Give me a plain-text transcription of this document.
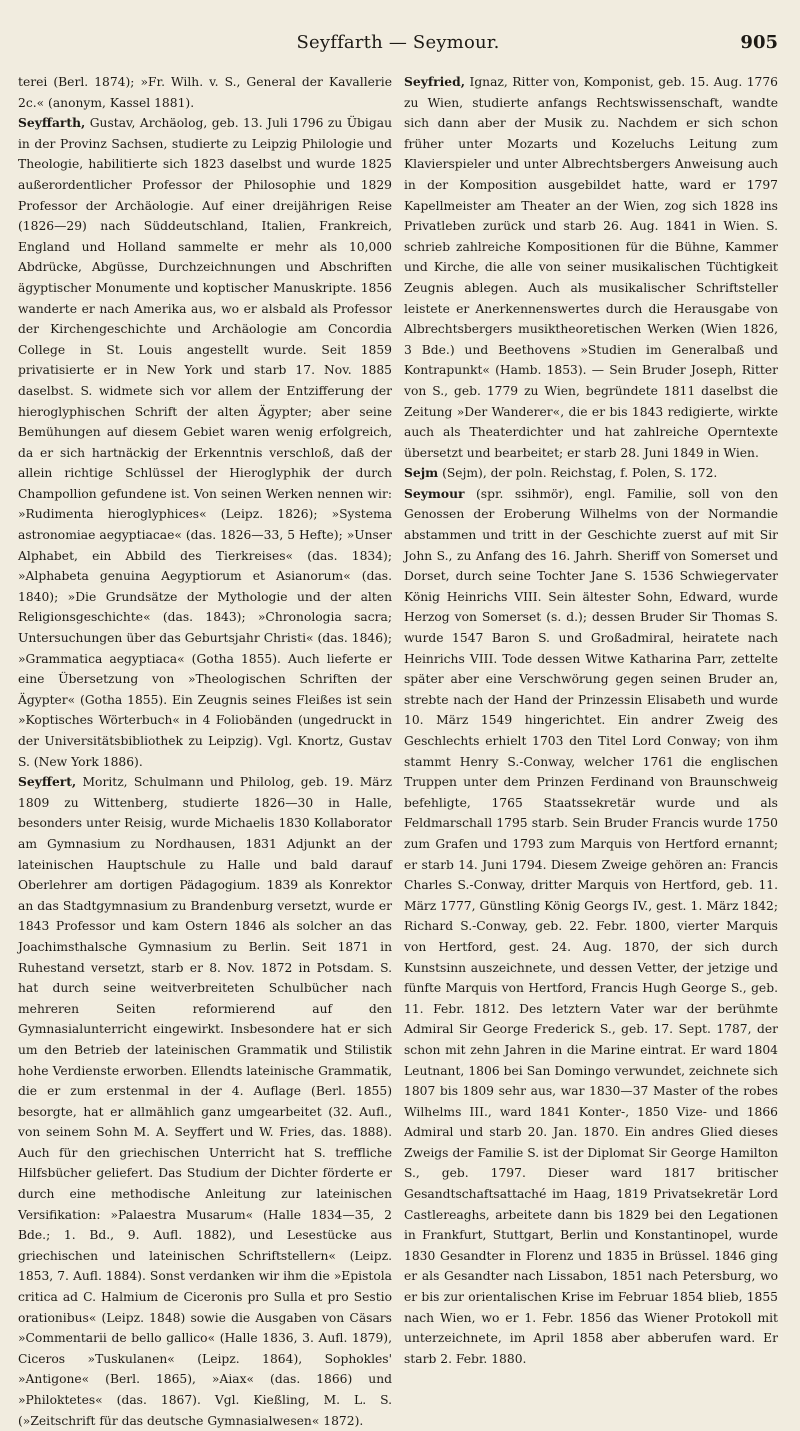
Seyffarth — Seymour.	905

terei (Berl. 1874); »Fr. Wilh. v. S., General der Kavallerie 2c.« (anonym, Kassel 1881).

Seyffarth, Gustav, Archäolog, geb. 13. Juli 1796 zu Übigau in der Provinz Sachsen, studierte zu Leipzig Philologie und Theologie, habilitierte sich 1823 daselbst und wurde 1825 außerordentlicher Professor der Philosophie und 1829 Professor der Archäologie. Auf einer dreijährigen Reise (1826—29) nach Süddeutschland, Italien, Frankreich, England und Holland sammelte er mehr als 10,000 Abdrücke, Abgüsse, Durchzeichnungen und Abschriften ägyptischer Monumente und koptischer Manuskripte. 1856 wanderte er nach Amerika aus, wo er alsbald als Professor der Kirchengeschichte und Archäologie am Concordia College in St. Louis angestellt wurde. Seit 1859 privatisierte er in New York und starb 17. Nov. 1885 daselbst. S. widmete sich vor allem der Entzifferung der hieroglyphischen Schrift der alten Ägypter; aber seine Bemühungen auf diesem Gebiet waren wenig erfolgreich, da er sich hartnäckig der Erkenntnis verschloß, daß der allein richtige Schlüssel der Hieroglyphik der durch Champollion gefundene ist. Von seinen Werken nennen wir: »Rudimenta hieroglyphices« (Leipz. 1826); »Systema astronomiae aegyptiacae« (das. 1826—33, 5 Hefte); »Unser Alphabet, ein Abbild des Tierkreises« (das. 1834); »Alphabeta genuina Aegyptiorum et Asianorum« (das. 1840); »Die Grundsätze der Mythologie und der alten Religionsgeschichte« (das. 1843); »Chronologia sacra; Untersuchungen über das Geburtsjahr Christi« (das. 1846); »Grammatica aegyptiaca« (Gotha 1855). Auch lieferte er eine Übersetzung von »Theologischen Schriften der Ägypter« (Gotha 1855). Ein Zeugnis seines Fleißes ist sein »Koptisches Wörterbuch« in 4 Foliobänden (ungedruckt in der Universitätsbibliothek zu Leipzig). Vgl. Knortz, Gustav S. (New York 1886).

Seyffert, Moritz, Schulmann und Philolog, geb. 19. März 1809 zu Wittenberg, studierte 1826—30 in Halle, besonders unter Reisig, wurde Michaelis 1830 Kollaborator am Gymnasium zu Nordhausen, 1831 Adjunkt an der lateinischen Hauptschule zu Halle und bald darauf Oberlehrer am dortigen Pädagogium. 1839 als Konrektor an das Stadtgymnasium zu Brandenburg versetzt, wurde er 1843 Professor und kam Ostern 1846 als solcher an das Joachimsthalsche Gymnasium zu Berlin. Seit 1871 in Ruhestand versetzt, starb er 8. Nov. 1872 in Potsdam. S. hat durch seine weitverbreiteten Schulbücher nach mehreren Seiten reformierend auf den Gymnasialunterricht eingewirkt. Insbesondere hat er sich um den Betrieb der lateinischen Grammatik und Stilistik hohe Verdienste erworben. Ellendts lateinische Grammatik, die er zum erstenmal in der 4. Auflage (Berl. 1855) besorgte, hat er allmählich ganz umgearbeitet (32. Aufl., von seinem Sohn M. A. Seyffert und W. Fries, das. 1888). Auch für den griechischen Unterricht hat S. treffliche Hilfsbücher geliefert. Das Studium der Dichter förderte er durch eine methodische Anleitung zur lateinischen Versifikation: »Palaestra Musarum« (Halle 1834—35, 2 Bde.; 1. Bd., 9. Aufl. 1882), und Lesestücke aus griechischen und lateinischen Schriftstellern« (Leipz. 1853, 7. Aufl. 1884). Sonst verdanken wir ihm die »Epistola critica ad C. Halmium de Ciceronis pro Sulla et pro Sestio orationibus« (Leipz. 1848) sowie die Ausgaben von Cäsars »Commentarii de bello gallico« (Halle 1836, 3. Aufl. 1879), Ciceros »Tuskulanen« (Leipz. 1864), Sophokles' »Antigone« (Berl. 1865), »Aiax« (das. 1866) und »Philoktetes« (das. 1867). Vgl. Kießling, M. L. S. (»Zeitschrift für das deutsche Gymnasialwesen« 1872).

Seyfried, Ignaz, Ritter von, Komponist, geb. 15. Aug. 1776 zu Wien, studierte anfangs Rechtswissenschaft, wandte sich dann aber der Musik zu. Nachdem er sich schon früher unter Mozarts und Kozeluchs Leitung zum Klavierspieler und unter Albrechtsbergers Anweisung auch in der Komposition ausgebildet hatte, ward er 1797 Kapellmeister am Theater an der Wien, zog sich 1828 ins Privatleben zurück und starb 26. Aug. 1841 in Wien. S. schrieb zahlreiche Kompositionen für die Bühne, Kammer und Kirche, die alle von seiner musikalischen Tüchtigkeit Zeugnis ablegen. Auch als musikalischer Schriftsteller leistete er Anerkennenswertes durch die Herausgabe von Albrechtsbergers musiktheoretischen Werken (Wien 1826, 3 Bde.) und Beethovens »Studien im Generalbaß und Kontrapunkt« (Hamb. 1853). — Sein Bruder Joseph, Ritter von S., geb. 1779 zu Wien, begründete 1811 daselbst die Zeitung »Der Wanderer«, die er bis 1843 redigierte, wirkte auch als Theaterdichter und hat zahlreiche Operntexte übersetzt und bearbeitet; er starb 28. Juni 1849 in Wien.

Sejm (Sejm), der poln. Reichstag, f. Polen, S. 172.

Seymour (spr. ssihmör), engl. Familie, soll von den Genossen der Eroberung Wilhelms von der Normandie abstammen und tritt in der Geschichte zuerst auf mit Sir John S., zu Anfang des 16. Jahrh. Sheriff von Somerset und Dorset, durch seine Tochter Jane S. 1536 Schwiegervater König Heinrichs VIII. Sein ältester Sohn, Edward, wurde Herzog von Somerset (s. d.); dessen Bruder Sir Thomas S. wurde 1547 Baron S. und Großadmiral, heiratete nach Heinrichs VIII. Tode dessen Witwe Katharina Parr, zettelte später aber eine Verschwörung gegen seinen Bruder an, strebte nach der Hand der Prinzessin Elisabeth und wurde 10. März 1549 hingerichtet. Ein andrer Zweig des Geschlechts erhielt 1703 den Titel Lord Conway; von ihm stammt Henry S.-Conway, welcher 1761 die englischen Truppen unter dem Prinzen Ferdinand von Braunschweig befehligte, 1765 Staatssekretär wurde und als Feldmarschall 1795 starb. Sein Bruder Francis wurde 1750 zum Grafen und 1793 zum Marquis von Hertford ernannt; er starb 14. Juni 1794. Diesem Zweige gehören an: Francis Charles S.-Conway, dritter Marquis von Hertford, geb. 11. März 1777, Günstling König Georgs IV., gest. 1. März 1842; Richard S.-Conway, geb. 22. Febr. 1800, vierter Marquis von Hertford, gest. 24. Aug. 1870, der sich durch Kunstsinn auszeichnete, und dessen Vetter, der jetzige und fünfte Marquis von Hertford, Francis Hugh George S., geb. 11. Febr. 1812. Des letztern Vater war der berühmte Admiral Sir George Frederick S., geb. 17. Sept. 1787, der schon mit zehn Jahren in die Marine eintrat. Er ward 1804 Leutnant, 1806 bei San Domingo verwundet, zeichnete sich 1807 bis 1809 sehr aus, war 1830—37 Master of the robes Wilhelms III., ward 1841 Konter-, 1850 Vize- und 1866 Admiral und starb 20. Jan. 1870. Ein andres Glied dieses Zweigs der Familie S. ist der Diplomat Sir George Hamilton S., geb. 1797. Dieser ward 1817 britischer Gesandtschaftsattaché im Haag, 1819 Privatsekretär Lord Castlereaghs, arbeitete dann bis 1829 bei den Legationen in Frankfurt, Stuttgart, Berlin und Konstantinopel, wurde 1830 Gesandter in Florenz und 1835 in Brüssel. 1846 ging er als Gesandter nach Lissabon, 1851 nach Petersburg, wo er bis zur orientalischen Krise im Februar 1854 blieb, 1855 nach Wien, wo er 1. Febr. 1856 das Wiener Protokoll mit unterzeichnete, im April 1858 aber abberufen ward. Er starb 2. Febr. 1880.
